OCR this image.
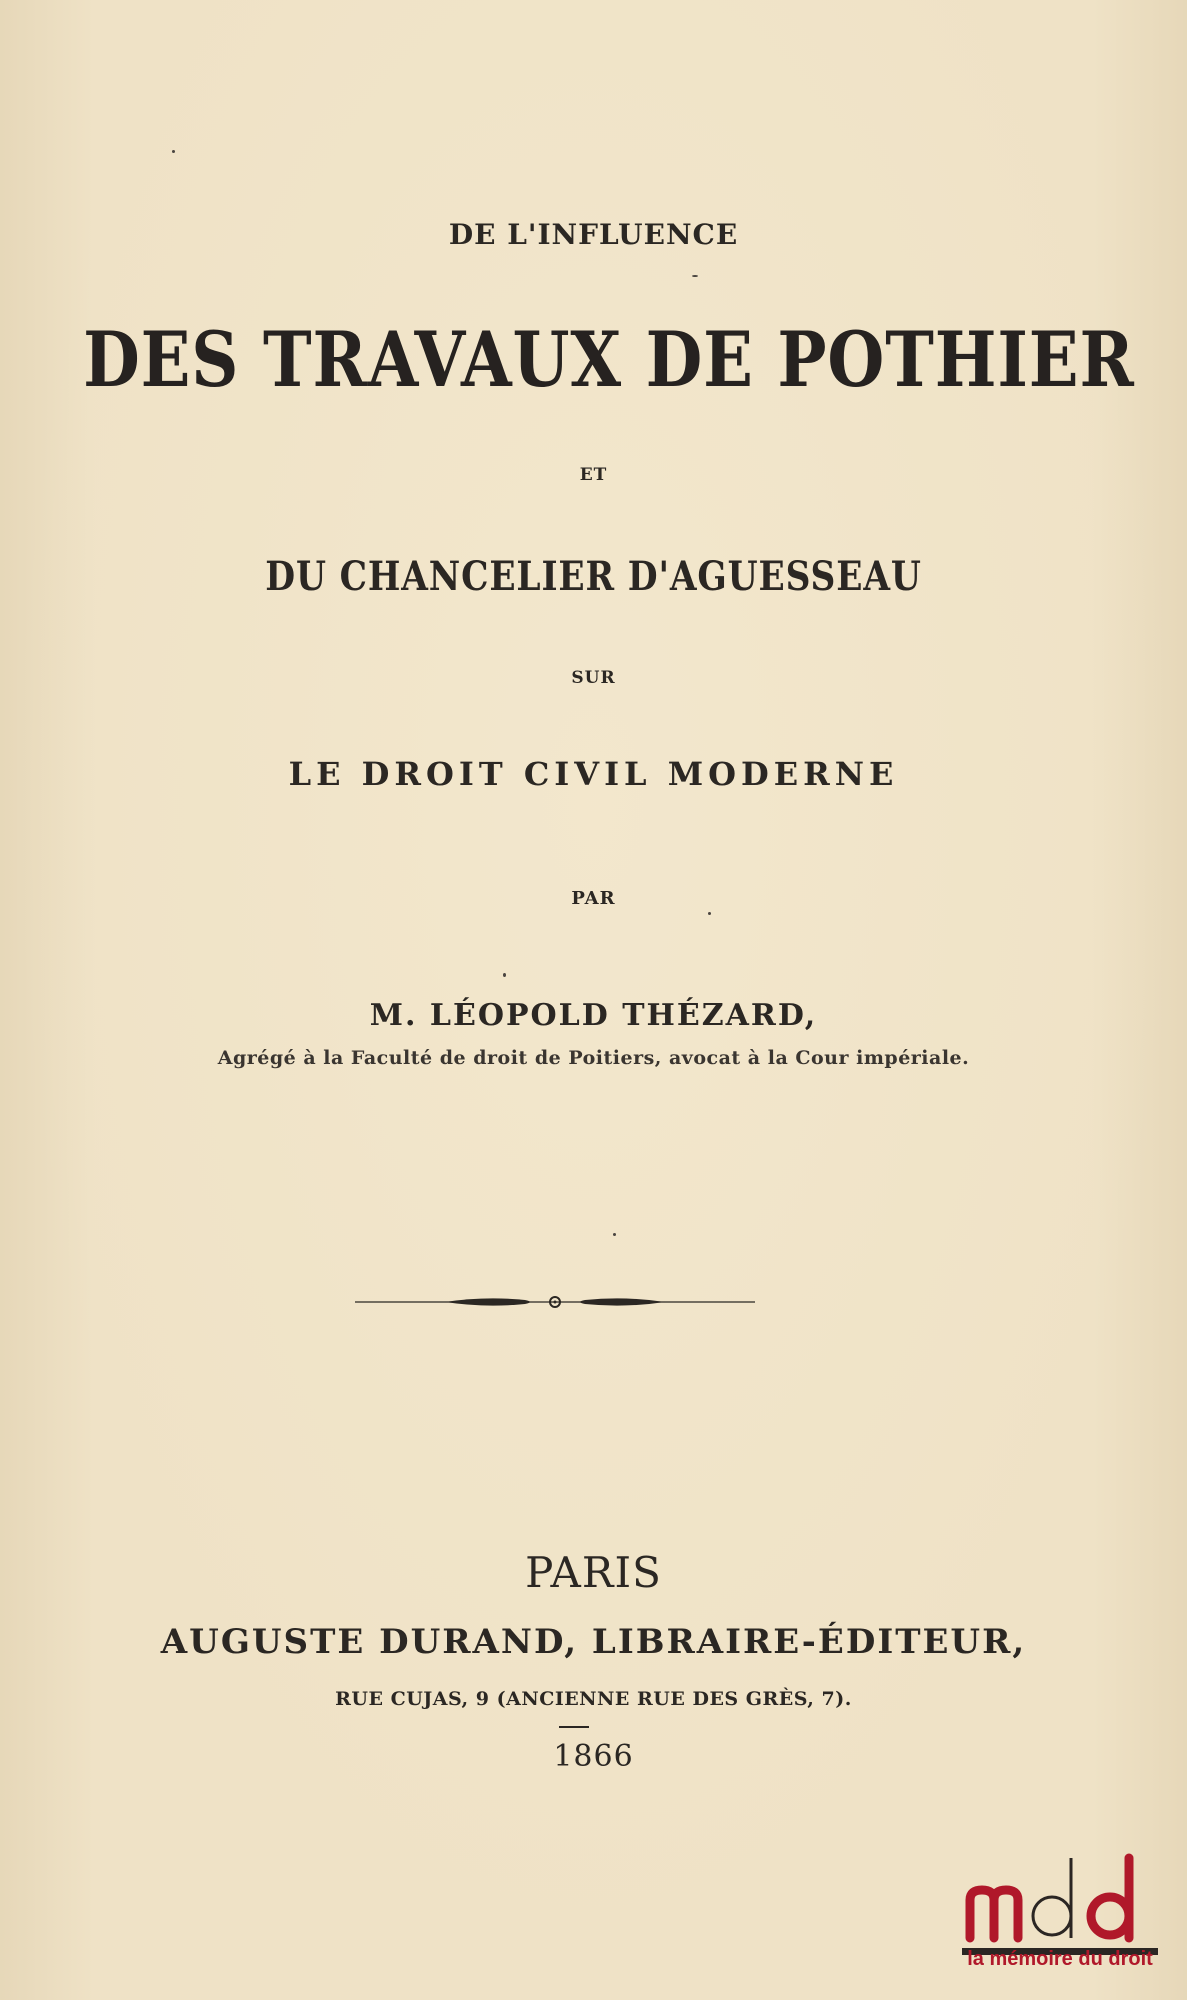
DE L'INFLUENCE
DES TRAVAUX DE POTHIER
ET
DU CHANCELIER D'AGUESSEAU
SUR
LE DROIT CIVIL MODERNE
PAR
M. LÉOPOLD THÉZARD,
Agrégé à la Faculté de droit de Poitiers, avocat à la Cour impériale.
PARIS
AUGUSTE DURAND, LIBRAIRE-ÉDITEUR,
RUE CUJAS, 9 (ANCIENNE RUE DES GRÈS, 7).
1866
la mémoire du droit
